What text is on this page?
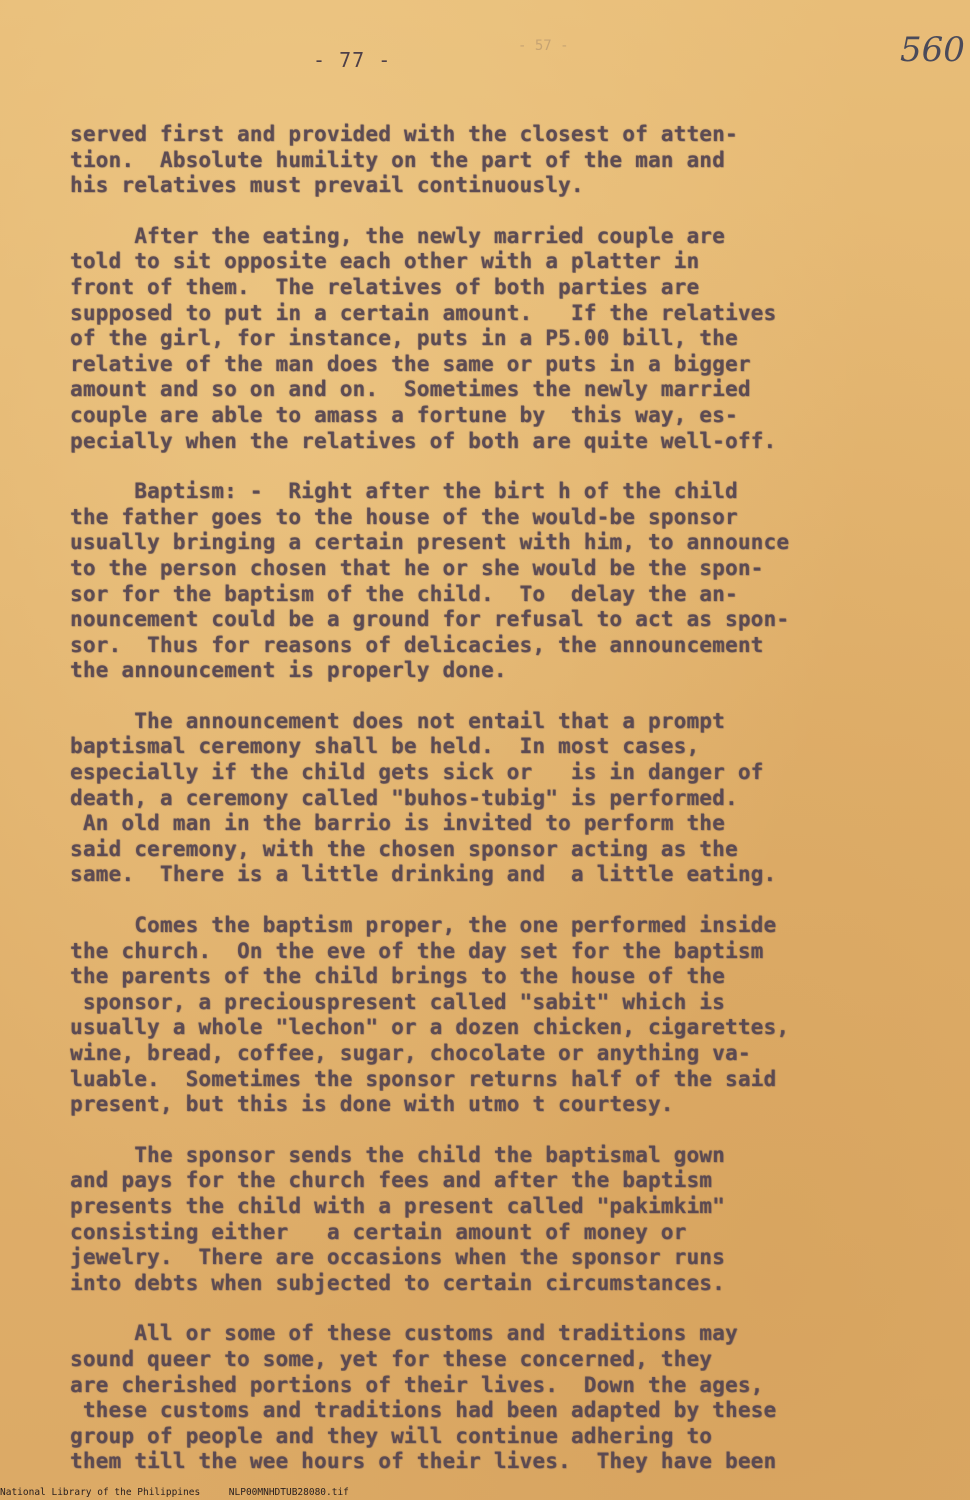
- 77 -
- 57 -	560
served first and provided with the closest of atten-
tion.  Absolute humility on the part of the man and
his relatives must prevail continuously.
After the eating, the newly married couple are
told to sit opposite each other with a platter in
front of them.  The relatives of both parties are
supposed to put in a certain amount.   If the relatives
of the girl, for instance, puts in a P5.00 bill, the
relative of the man does the same or puts in a bigger
amount and so on and on.  Sometimes the newly married
couple are able to amass a fortune by  this way, es-
pecially when the relatives of both are quite well-off.
Baptism: -  Right after the birt h of the child
the father goes to the house of the would-be sponsor
usually bringing a certain present with him, to announce
to the person chosen that he or she would be the spon-
sor for the baptism of the child.  To  delay the an-
nouncement could be a ground for refusal to act as spon-
sor.  Thus for reasons of delicacies, the announcement
the announcement is properly done.
The announcement does not entail that a prompt
baptismal ceremony shall be held.  In most cases,
especially if the child gets sick or   is in danger of
death, a ceremony called "buhos-tubig" is performed.
An old man in the barrio is invited to perform the
said ceremony, with the chosen sponsor acting as the
same.  There is a little drinking and  a little eating.
Comes the baptism proper, the one performed inside
the church.  On the eve of the day set for the baptism
the parents of the child brings to the house of the
sponsor, a preciouspresent called "sabit" which is
usually a whole "lechon" or a dozen chicken, cigarettes,
wine, bread, coffee, sugar, chocolate or anything va-
luable.  Sometimes the sponsor returns half of the said
present, but this is done with utmo t courtesy.
The sponsor sends the child the baptismal gown
and pays for the church fees and after the baptism
presents the child with a present called "pakimkim"
consisting either   a certain amount of money or
jewelry.  There are occasions when the sponsor runs
into debts when subjected to certain circumstances.
All or some of these customs and traditions may
sound queer to some, yet for these concerned, they
are cherished portions of their lives.  Down the ages,
these customs and traditions had been adapted by these
group of people and they will continue adhering to
them till the wee hours of their lives.  They have been
National Library of the Philippines     NLP00MNHDTUB28080.tif
